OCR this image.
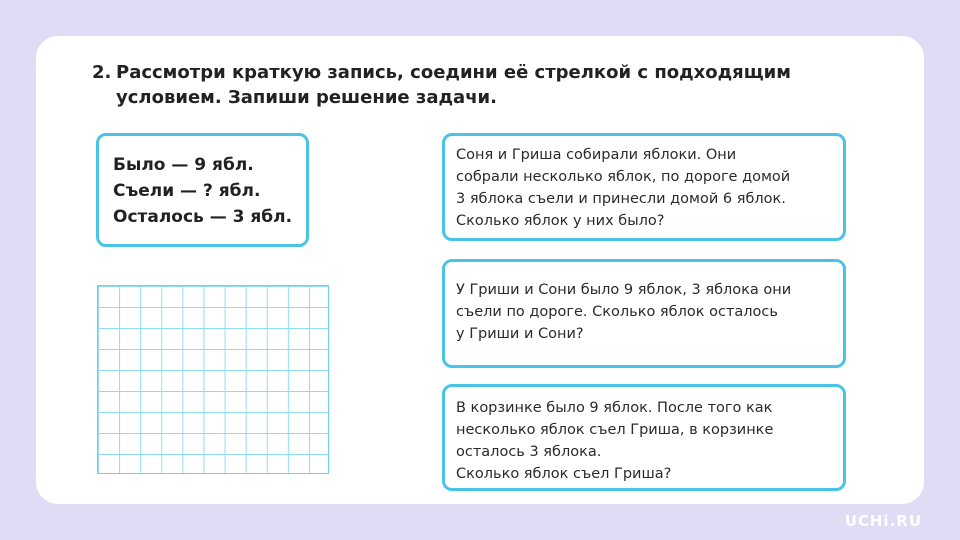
2. Рассмотри краткую запись, соедини её стрелкой с подходящим условием. Запиши решение задачи.
Было — 9 ябл.
Съели — ? ябл.
Осталось — 3 ябл.
Соня и Гриша собирали яблоки. Они
собрали несколько яблок, по дороге домой
3 яблока съели и принесли домой 6 яблок.
Сколько яблок у них было?
У Гриши и Сони было 9 яблок, 3 яблока они
съели по дороге. Сколько яблок осталось
у Гриши и Сони?
В корзинке было 9 яблок. После того как
несколько яблок съел Гриша, в корзинке
осталось 3 яблока.
Сколько яблок съел Гриша?
UCHi.RU
